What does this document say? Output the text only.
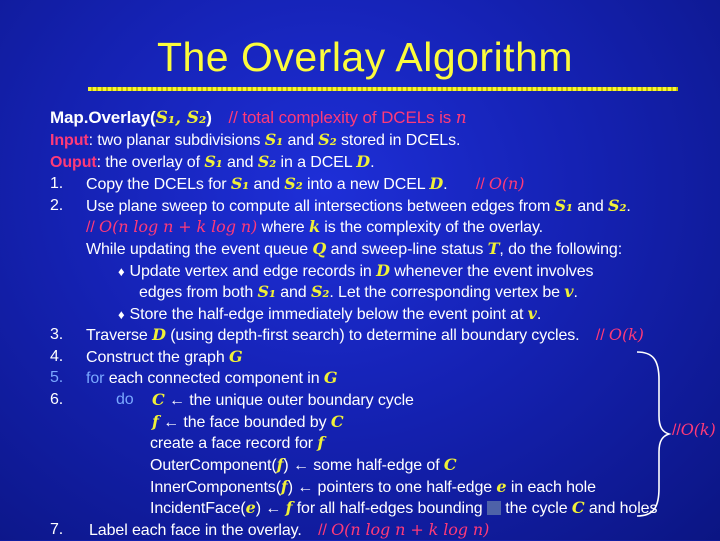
The Overlay Algorithm
Map.Overlay(S₁, S₂) // total complexity of DCELs is n
Input: two planar subdivisions S₁ and S₂ stored in DCELs.
Ouput: the overlay of S₁ and S₂ in a DCEL D.
1. Copy the DCELs for S₁ and S₂ into a new DCEL D. // O(n)
2. Use plane sweep to compute all intersections between edges from S₁ and S₂.
// O(n log n + k log n) where k is the complexity of the overlay.
While updating the event queue Q and sweep-line status T, do the following:
♦ Update vertex and edge records in D whenever the event involves
edges from both S₁ and S₂. Let the corresponding vertex be v.
♦ Store the half-edge immediately below the event point at v.
3. Traverse D (using depth-first search) to determine all boundary cycles. // O(k)
4. Construct the graph G
5. for each connected component in G
6.	do C ← the unique outer boundary cycle
f ← the face bounded by C
create a face record for f
OuterComponent(f) ← some half-edge of C
InnerComponents(f) ← pointers to one half-edge e in each hole
IncidentFace(e) ← f for all half-edges bounding  the cycle C and holes
7. Label each face in the overlay. // O(n log n + k log n)
//O(k)
